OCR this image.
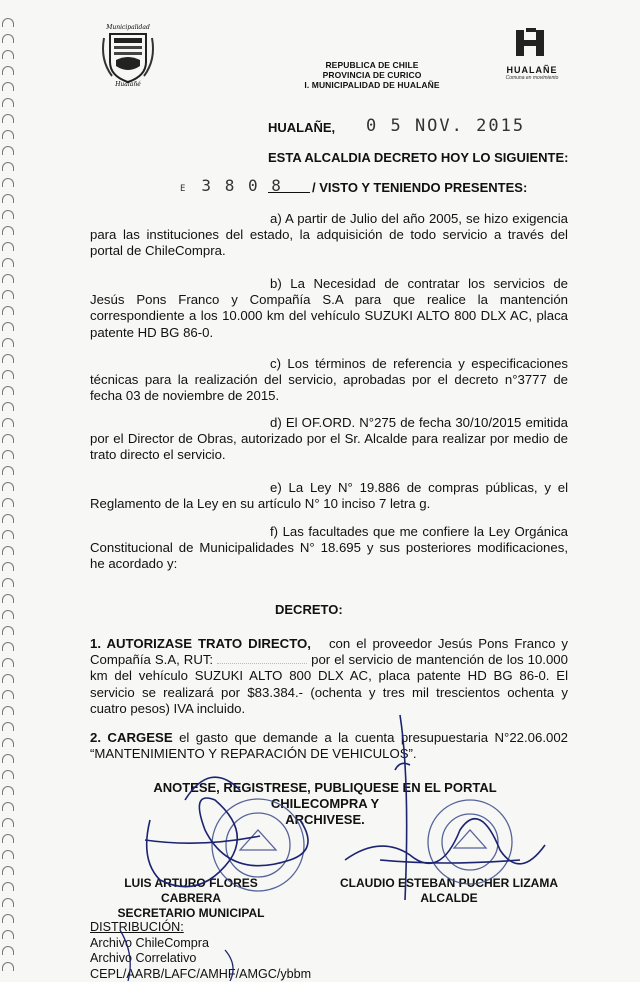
Municipalidad
Hualañé
REPUBLICA DE CHILE
PROVINCIA DE CURICO
I. MUNICIPALIDAD DE HUALAÑE
HUALAÑE
Comuna en movimiento
HUALAÑE, 0 5 NOV. 2015
ESTA ALCALDIA DECRETO HOY LO SIGUIENTE:
E 3 8 0 8 / VISTO Y TENIENDO PRESENTES:
a) A partir de Julio del año 2005, se hizo exigencia para las instituciones del estado, la adquisición de todo servicio a través del portal de ChileCompra.
b) La Necesidad de contratar los servicios de Jesús Pons Franco y Compañía S.A para que realice la mantención correspondiente a los 10.000 km del vehículo SUZUKI ALTO 800 DLX AC, placa patente HD BG 86-0.
c) Los términos de referencia y especificaciones técnicas para la realización del servicio, aprobadas por el decreto n°3777 de fecha 03 de noviembre de 2015.
d) El OF.ORD. N°275 de fecha 30/10/2015 emitida por el Director de Obras, autorizado por el Sr. Alcalde para realizar por medio de trato directo el servicio.
e) La Ley N° 19.886 de compras públicas, y el Reglamento de la Ley en su artículo N° 10 inciso 7 letra g.
f) Las facultades que me confiere la Ley Orgánica Constitucional de Municipalidades N° 18.695 y sus posteriores modificaciones, he acordado y:
DECRETO:
1. AUTORIZASE TRATO DIRECTO, con el proveedor Jesús Pons Franco y Compañía S.A, RUT:	por el servicio de mantención de los 10.000 km del vehículo SUZUKI ALTO 800 DLX AC, placa patente HD BG 86-0. El servicio se realizará por $83.384.- (ochenta y tres mil trescientos ochenta y cuatro pesos) IVA incluido.
2. CARGESE el gasto que demande a la cuenta presupuestaria N°22.06.002 “MANTENIMIENTO Y REPARACIÓN DE VEHICULOS”.
ANOTESE, REGISTRESE, PUBLIQUESE EN EL PORTAL CHILECOMPRA Y
ARCHIVESE.
LUIS ARTURO FLORES CABRERA
SECRETARIO MUNICIPAL
CLAUDIO ESTEBAN PUCHER LIZAMA
ALCALDE
DISTRIBUCIÓN:
Archivo ChileCompra
Archivo Correlativo
CEPL/AARB/LAFC/AMHF/AMGC/ybbm
